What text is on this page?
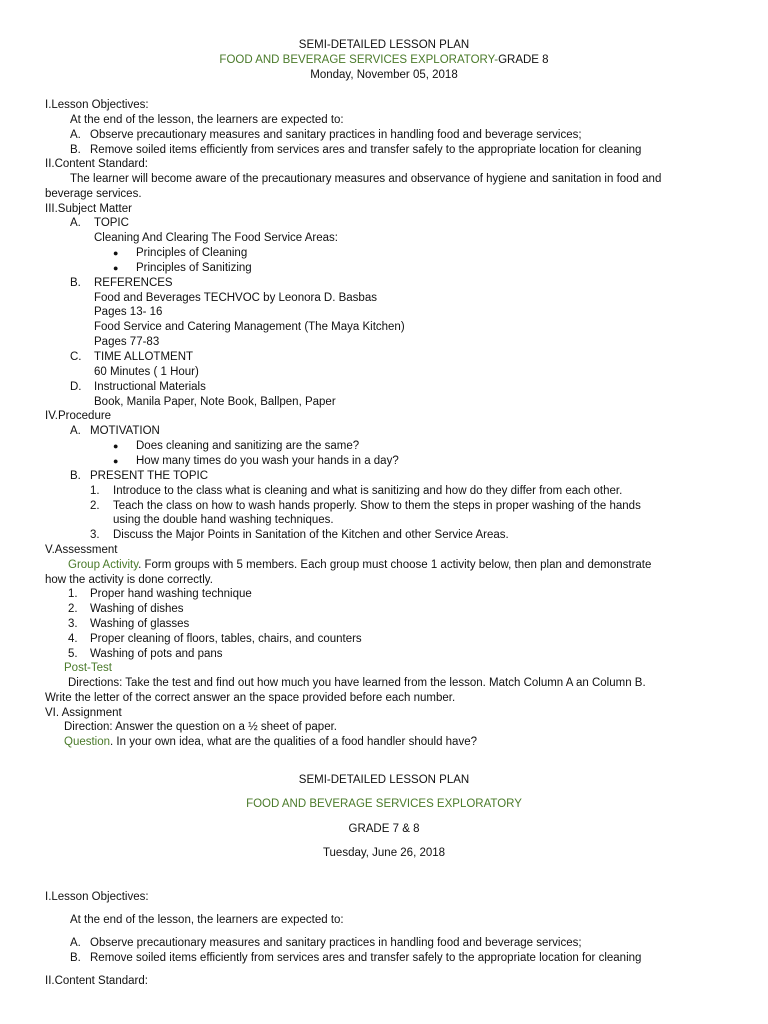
SEMI-DETAILED LESSON PLAN
FOOD AND BEVERAGE SERVICES EXPLORATORY-GRADE 8
Monday, November 05, 2018
I.Lesson Objectives:
At the end of the lesson, the learners are expected to:
A. Observe precautionary measures and sanitary practices in handling food and beverage services;
B. Remove soiled items efficiently from services ares and transfer safely to the appropriate location for cleaning
II.Content Standard:
The learner will become aware of the precautionary measures and observance of hygiene and sanitation in food and
beverage services.
III.Subject Matter
A. TOPIC
Cleaning And Clearing The Food Service Areas:
● Principles of Cleaning
● Principles of Sanitizing
B. REFERENCES
Food and Beverages TECHVOC by Leonora D. Basbas
Pages 13- 16
Food Service and Catering Management (The Maya Kitchen)
Pages 77-83
C. TIME ALLOTMENT
60 Minutes ( 1 Hour)
D. Instructional Materials
Book, Manila Paper, Note Book, Ballpen, Paper
IV.Procedure
A. MOTIVATION
● Does cleaning and sanitizing are the same?
● How many times do you wash your hands in a day?
B. PRESENT THE TOPIC
1. Introduce to the class what is cleaning and what is sanitizing and how do they differ from each other.
2. Teach the class on how to wash hands properly. Show to them the steps in proper washing of the hands
using the double hand washing techniques.
3. Discuss the Major Points in Sanitation of the Kitchen and other Service Areas.
V.Assessment
Group Activity. Form groups with 5 members. Each group must choose 1 activity below, then plan and demonstrate
how the activity is done correctly.
1. Proper hand washing technique
2. Washing of dishes
3. Washing of glasses
4. Proper cleaning of floors, tables, chairs, and counters
5. Washing of pots and pans
Post-Test
Directions: Take the test and find out how much you have learned from the lesson. Match Column A an Column B.
Write the letter of the correct answer an the space provided before each number.
VI. Assignment
Direction: Answer the question on a ½ sheet of paper.
Question. In your own idea, what are the qualities of a food handler should have?
SEMI-DETAILED LESSON PLAN
FOOD AND BEVERAGE SERVICES EXPLORATORY
GRADE 7 & 8
Tuesday, June 26, 2018
I.Lesson Objectives:
At the end of the lesson, the learners are expected to:
A. Observe precautionary measures and sanitary practices in handling food and beverage services;
B. Remove soiled items efficiently from services ares and transfer safely to the appropriate location for cleaning
II.Content Standard:
